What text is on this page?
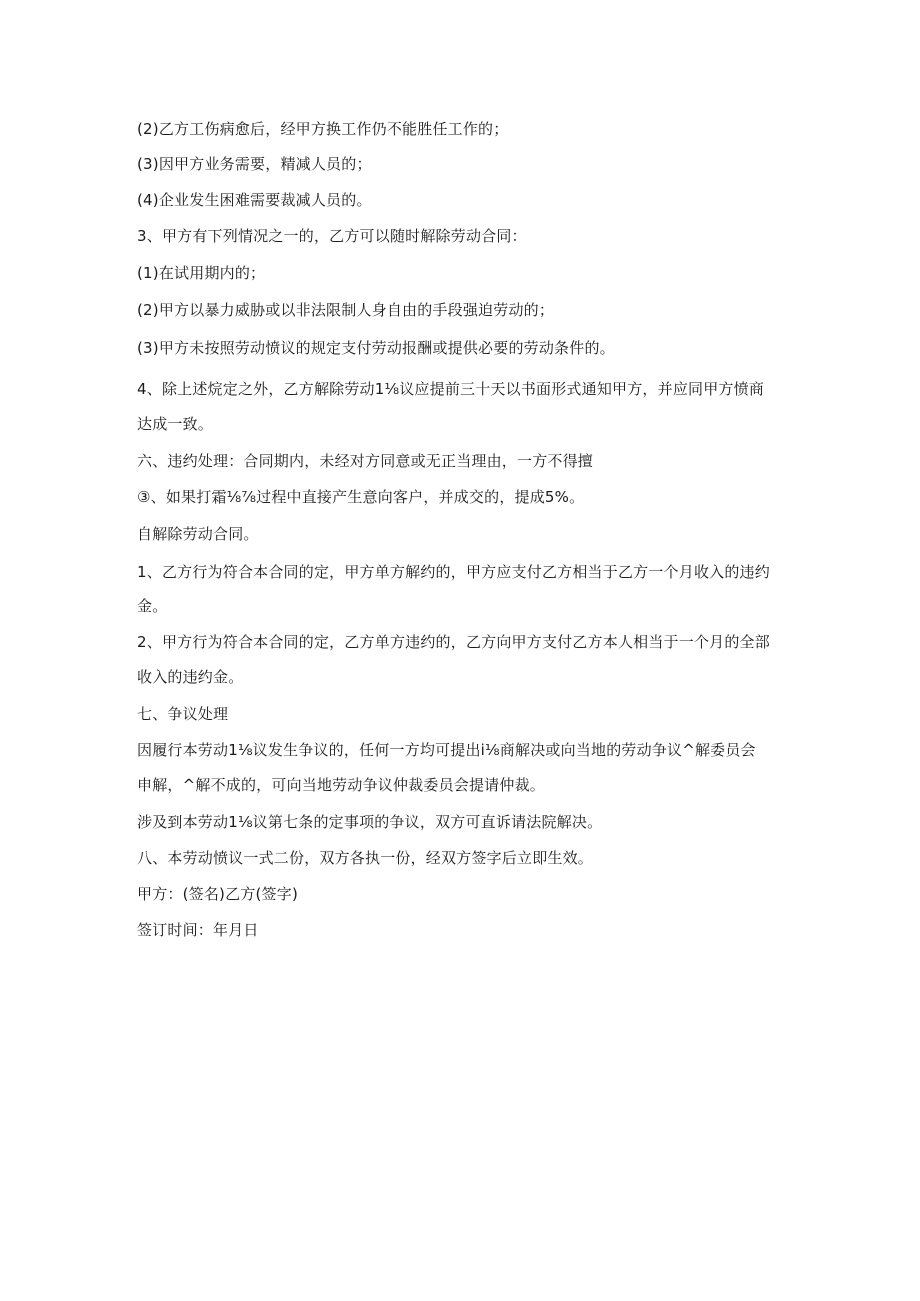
(2)乙方工伤病愈后，经甲方换工作仍不能胜任工作的；
(3)因甲方业务需要，精减人员的；
(4)企业发生困难需要裁减人员的。
3、甲方有下列情况之一的，乙方可以随时解除劳动合同：
(1)在试用期内的；
(2)甲方以暴力威胁或以非法限制人身自由的手段强迫劳动的；
(3)甲方未按照劳动愤议的规定支付劳动报酬或提供必要的劳动条件的。
4、除上述烷定之外，乙方解除劳动1⅛议应提前三十天以书面形式通知甲方，并应同甲方愤商
达成一致。
六、违约处理：合同期内，未经对方同意或无正当理由，一方不得擅
③、如果打霜⅛⅞过程中直接产生意向客户，并成交的，提成5%。
自解除劳动合同。
1、乙方行为符合本合同的定，甲方单方解约的，甲方应支付乙方相当于乙方一个月收入的违约
金。
2、甲方行为符合本合同的定，乙方单方违约的，乙方向甲方支付乙方本人相当于一个月的全部
收入的违约金。
七、争议处理
因履行本劳动1⅛议发生争议的，任何一方均可提出i⅛商解决或向当地的劳动争议^解委员会
申解，^解不成的，可向当地劳动争议仲裁委员会提请仲裁。
涉及到本劳动1⅛议第七条的定事项的争议，双方可直诉请法院解决。
八、本劳动愤议一式二份，双方各执一份，经双方签字后立即生效。
甲方：(签名)乙方(签字)
签订时间：年月日
